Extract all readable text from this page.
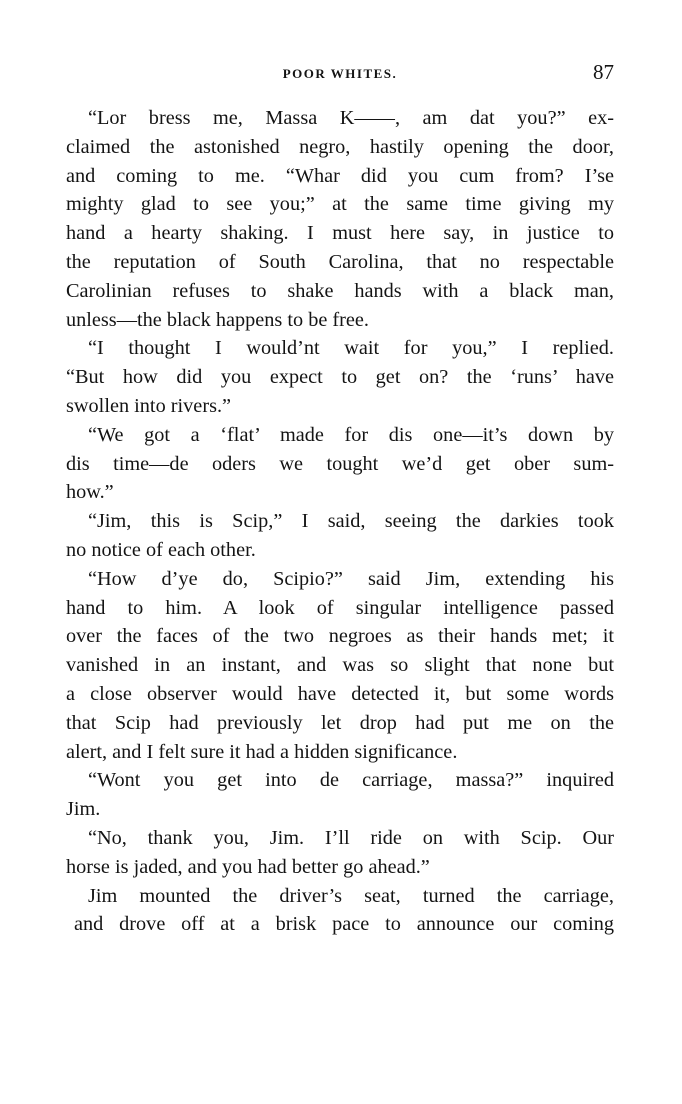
POOR WHITES.	87
“Lor bress me, Massa K——, am dat you?” ex-
claimed the astonished negro, hastily opening the door,
and coming to me. “Whar did you cum from? I’se
mighty glad to see you;” at the same time giving my
hand a hearty shaking. I must here say, in justice to
the reputation of South Carolina, that no respectable
Carolinian refuses to shake hands with a black man,
unless—the black happens to be free.
“I thought I would’nt wait for you,” I replied.
“But how did you expect to get on? the ‘runs’ have
swollen into rivers.”
“We got a ‘flat’ made for dis one—it’s down by
dis time—de oders we tought we’d get ober sum-
how.”
“Jim, this is Scip,” I said, seeing the darkies took
no notice of each other.
“How d’ye do, Scipio?” said Jim, extending his
hand to him. A look of singular intelligence passed
over the faces of the two negroes as their hands met; it
vanished in an instant, and was so slight that none but
a close observer would have detected it, but some words
that Scip had previously let drop had put me on the
alert, and I felt sure it had a hidden significance.
“Wont you get into de carriage, massa?” inquired
Jim.
“No, thank you, Jim. I’ll ride on with Scip. Our
horse is jaded, and you had better go ahead.”
Jim mounted the driver’s seat, turned the carriage,
and drove off at a brisk pace to announce our coming
